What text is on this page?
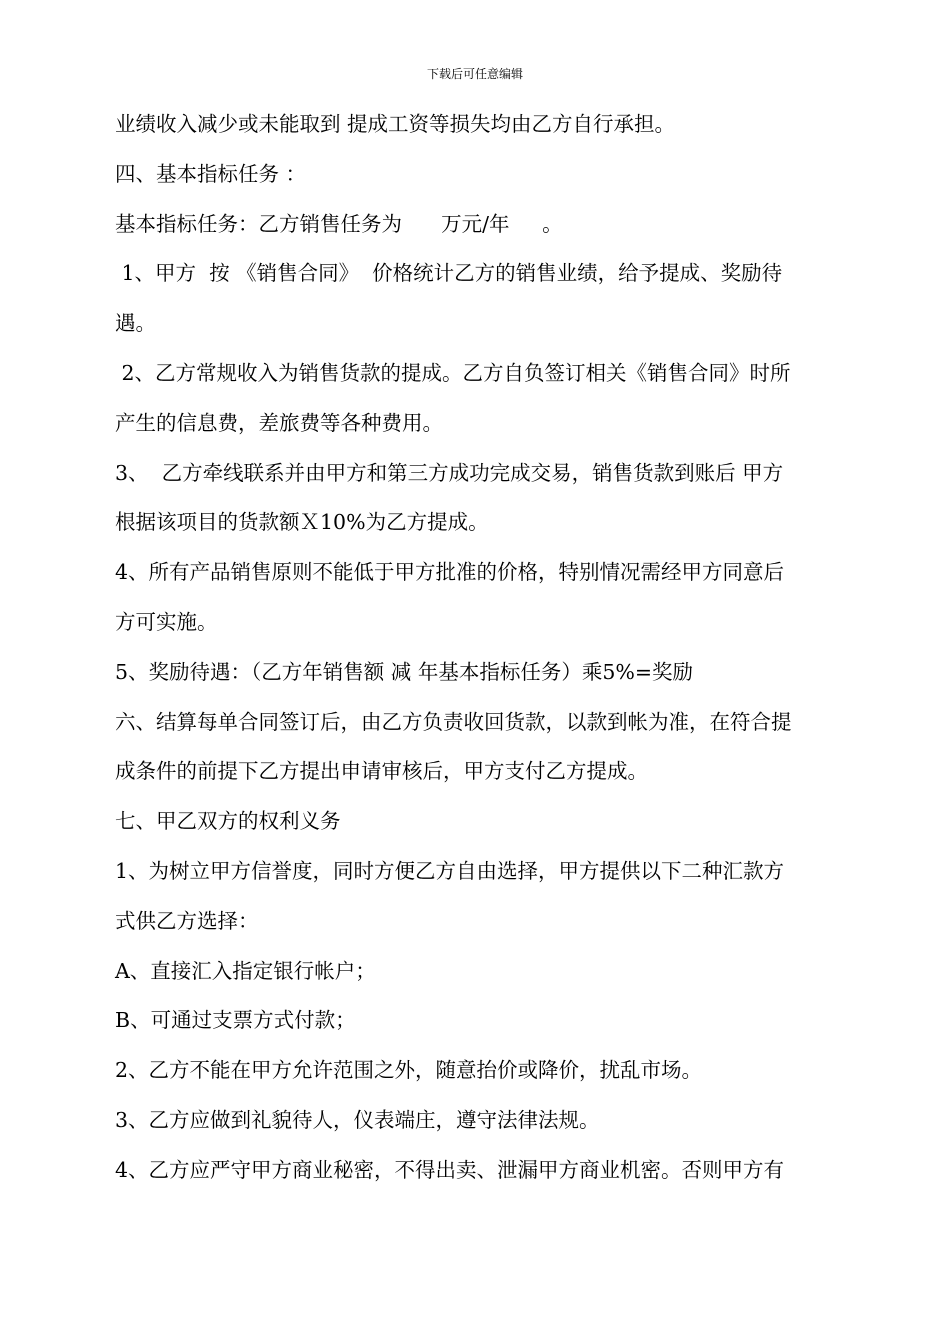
下载后可任意编辑
业绩收入减少或未能取到 提成工资等损失均由乙方自行承担。
四、基本指标任务 ：
基本指标任务：乙方销售任务为      万元/年     。
1、甲方  按 《销售合同》  价格统计乙方的销售业绩，给予提成、奖励待
遇。
2、乙方常规收入为销售货款的提成。乙方自负签订相关《销售合同》时所
产生的信息费，差旅费等各种费用。
3、  乙方牵线联系并由甲方和第三方成功完成交易，销售货款到账后 甲方
根据该项目的货款额Ｘ10%为乙方提成。
4、所有产品销售原则不能低于甲方批准的价格，特别情况需经甲方同意后
方可实施。
5、奖励待遇：（乙方年销售额 减 年基本指标任务）乘5%=奖励
六、结算每单合同签订后，由乙方负责收回货款，以款到帐为准，在符合提
成条件的前提下乙方提出申请审核后，甲方支付乙方提成。
七、甲乙双方的权利义务
1、为树立甲方信誉度，同时方便乙方自由选择，甲方提供以下二种汇款方
式供乙方选择：
A、直接汇入指定银行帐户；
B、可通过支票方式付款；
2、乙方不能在甲方允许范围之外，随意抬价或降价，扰乱市场。
3、乙方应做到礼貌待人，仪表端庄，遵守法律法规。
4、乙方应严守甲方商业秘密，不得出卖、泄漏甲方商业机密。否则甲方有
